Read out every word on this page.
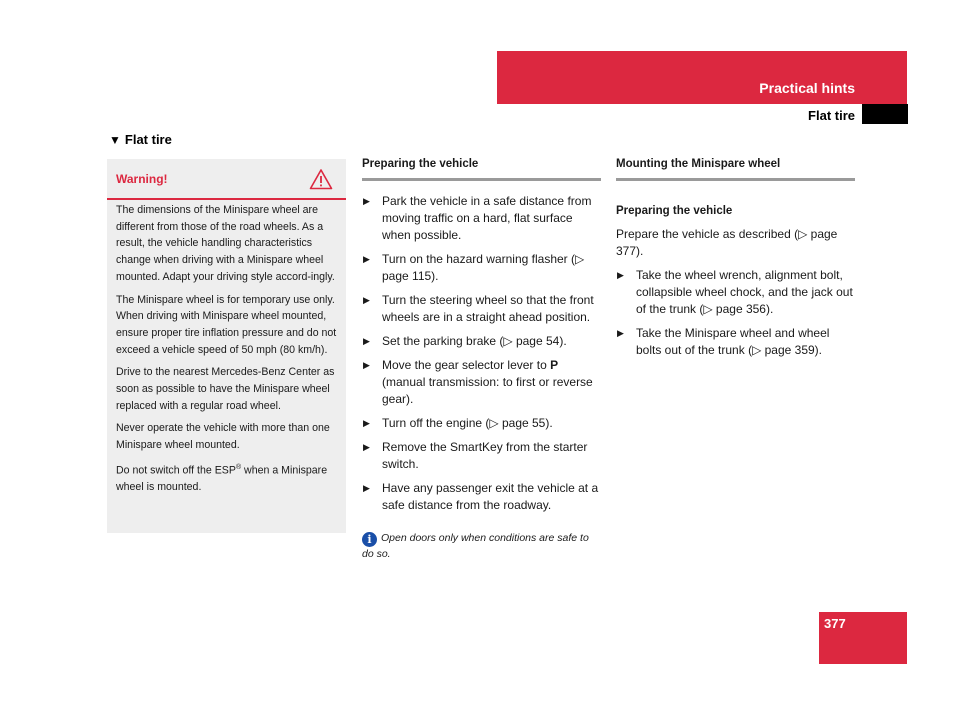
Practical hints
Flat tire
▼ Flat tire
Warning!

The dimensions of the Minispare wheel are different from those of the road wheels. As a result, the vehicle handling characteristics change when driving with a Minispare wheel mounted. Adapt your driving style accord-ingly.

The Minispare wheel is for temporary use only. When driving with Minispare wheel mounted, ensure proper tire inflation pressure and do not exceed a vehicle speed of 50 mph (80 km/h).

Drive to the nearest Mercedes-Benz Center as soon as possible to have the Minispare wheel replaced with a regular road wheel.

Never operate the vehicle with more than one Minispare wheel mounted.

Do not switch off the ESP® when a Minispare wheel is mounted.

Preparing the vehicle
▶ Park the vehicle in a safe distance from moving traffic on a hard, flat surface when possible.
▶ Turn on the hazard warning flasher (▷ page 115).
▶ Turn the steering wheel so that the front wheels are in a straight ahead position.
▶ Set the parking brake (▷ page 54).
▶ Move the gear selector lever to P (manual transmission: to first or reverse gear).
▶ Turn off the engine (▷ page 55).
▶ Remove the SmartKey from the starter switch.
▶ Have any passenger exit the vehicle at a safe distance from the roadway.
i Open doors only when conditions are safe to do so.
Mounting the Minispare wheel
Preparing the vehicle
Prepare the vehicle as described (▷ page 377).
▶ Take the wheel wrench, alignment bolt, collapsible wheel chock, and the jack out of the trunk (▷ page 356).
▶ Take the Minispare wheel and wheel bolts out of the trunk (▷ page 359).
377
